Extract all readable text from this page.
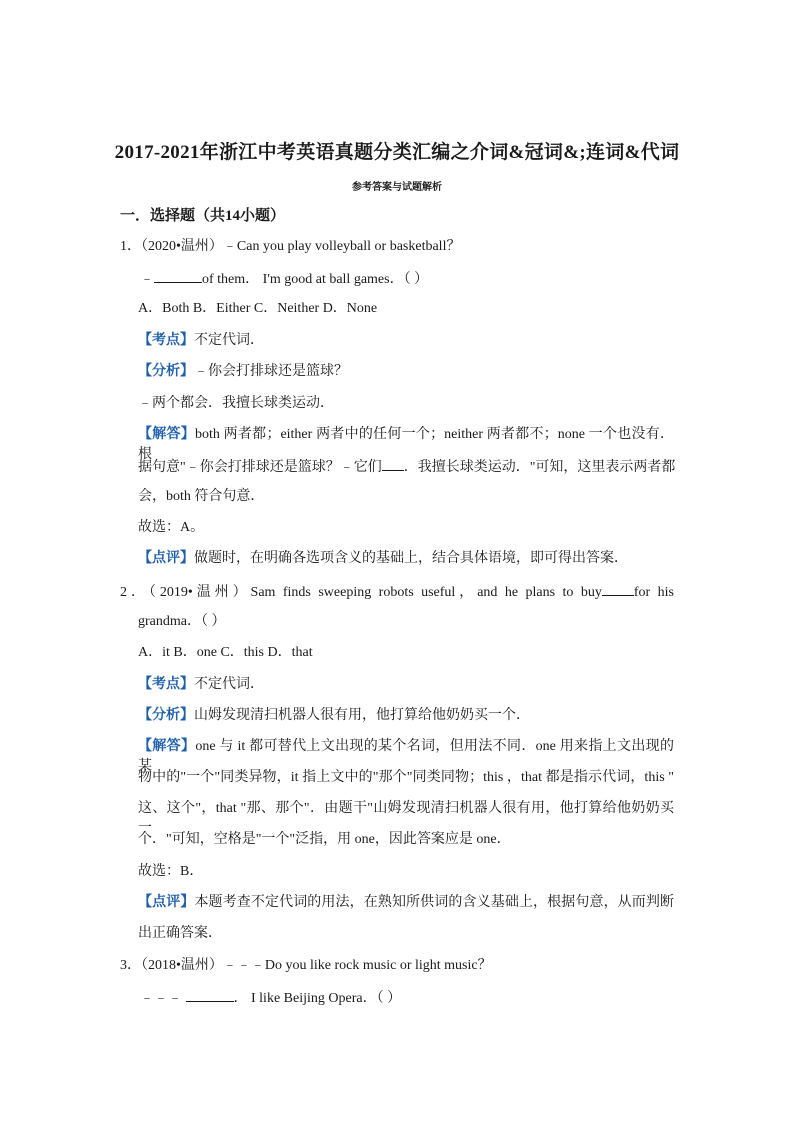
2017-2021年浙江中考英语真题分类汇编之介词&冠词&;连词&代词
参考答案与试题解析
一．选择题（共14小题）
1．（2020•温州）﹣Can you play volleyball or basketball？
﹣	of them． I'm good at ball games．（ ）
A．Both B．Either C．Neither D．None
【考点】不定代词．
【分析】﹣你会打排球还是篮球？
﹣两个都会．我擅长球类运动．
【解答】both 两者都；either 两者中的任何一个；neither 两者都不；none 一个也没有．根
据句意"﹣你会打排球还是篮球？﹣它们 ．我擅长球类运动．"可知，这里表示两者都
会，both 符合句意．
故选：A。
【点评】做题时，在明确各选项含义的基础上，结合具体语境，即可得出答案．
2．（2019•温州）Sam finds sweeping robots useful，and he plans to buy for his
grandma．（ ）
A．it B．one C．this D．that
【考点】不定代词．
【分析】山姆发现清扫机器人很有用，他打算给他奶奶买一个．
【解答】one 与 it 都可替代上文出现的某个名词，但用法不同．one 用来指上文出现的某
物中的"一个"同类异物，it 指上文中的"那个"同类同物；this ，that 都是指示代词，this "
这、这个"，that "那、那个"．由题干"山姆发现清扫机器人很有用，他打算给他奶奶买一
个．"可知，空格是"一个"泛指，用 one，因此答案应是 one．
故选：B．
【点评】本题考查不定代词的用法，在熟知所供词的含义基础上，根据句意，从而判断
出正确答案．
3．（2018•温州）﹣﹣﹣Do you like rock music or light music？
﹣﹣﹣	． I like Beijing Opera．（ ）
